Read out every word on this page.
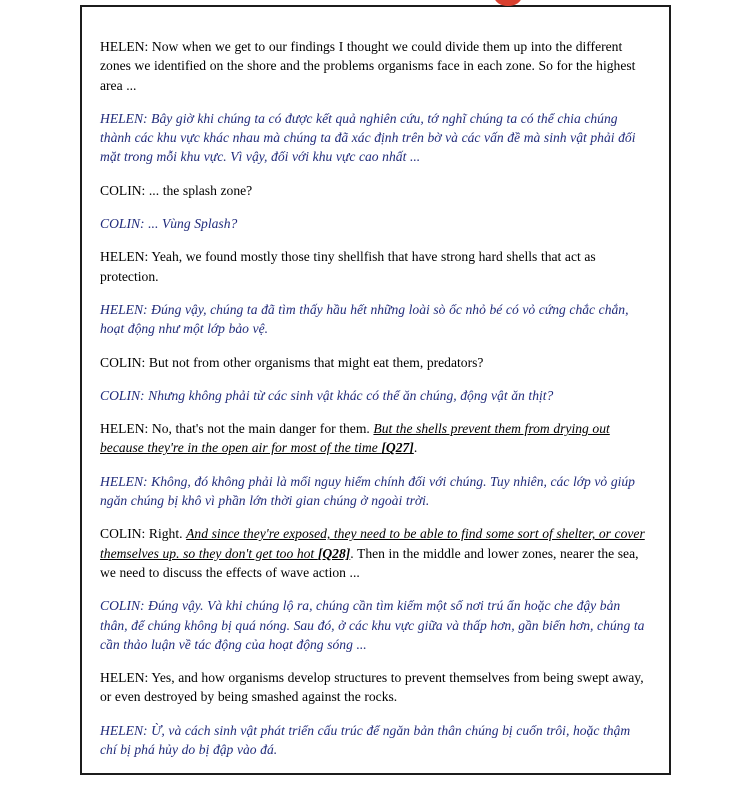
HELEN: Now when we get to our findings I thought we could divide them up into the different zones we identified on the shore and the problems organisms face in each zone. So for the highest area ...

HELEN: Bây giờ khi chúng ta có được kết quả nghiên cứu, tớ nghĩ chúng ta có thể chia chúng thành các khu vực khác nhau mà chúng ta đã xác định trên bờ và các vấn đề mà sinh vật phải đối mặt trong mỗi khu vực. Vì vậy, đối với khu vực cao nhất ...

COLIN: ... the splash zone?

COLIN: ... Vùng Splash?

HELEN: Yeah, we found mostly those tiny shellfish that have strong hard shells that act as protection.

HELEN: Đúng vậy, chúng ta đã tìm thấy hầu hết những loài sò ốc nhỏ bé có vỏ cứng chắc chắn, hoạt động như một lớp bảo vệ.

COLIN: But not from other organisms that might eat them, predators?

COLIN: Nhưng không phải từ các sinh vật khác có thể ăn chúng, động vật ăn thịt?

HELEN: No, that's not the main danger for them. But the shells prevent them from drying out because they're in the open air for most of the time [Q27].

HELEN: Không, đó không phải là mối nguy hiểm chính đối với chúng. Tuy nhiên, các lớp vỏ giúp ngăn chúng bị khô vì phần lớn thời gian chúng ở ngoài trời.

COLIN: Right. And since they're exposed, they need to be able to find some sort of shelter, or cover themselves up. so they don't get too hot [Q28]. Then in the middle and lower zones, nearer the sea, we need to discuss the effects of wave action ...

COLIN: Đúng vậy. Và khi chúng lộ ra, chúng cần tìm kiếm một số nơi trú ẩn hoặc che đậy bản thân, để chúng không bị quá nóng. Sau đó, ở các khu vực giữa và thấp hơn, gần biển hơn, chúng ta cần thảo luận về tác động của hoạt động sóng ...

HELEN: Yes, and how organisms develop structures to prevent themselves from being swept away, or even destroyed by being smashed against the rocks.

HELEN: Ừ, và cách sinh vật phát triển cấu trúc để ngăn bản thân chúng bị cuốn trôi, hoặc thậm chí bị phá hủy do bị đập vào đá.
